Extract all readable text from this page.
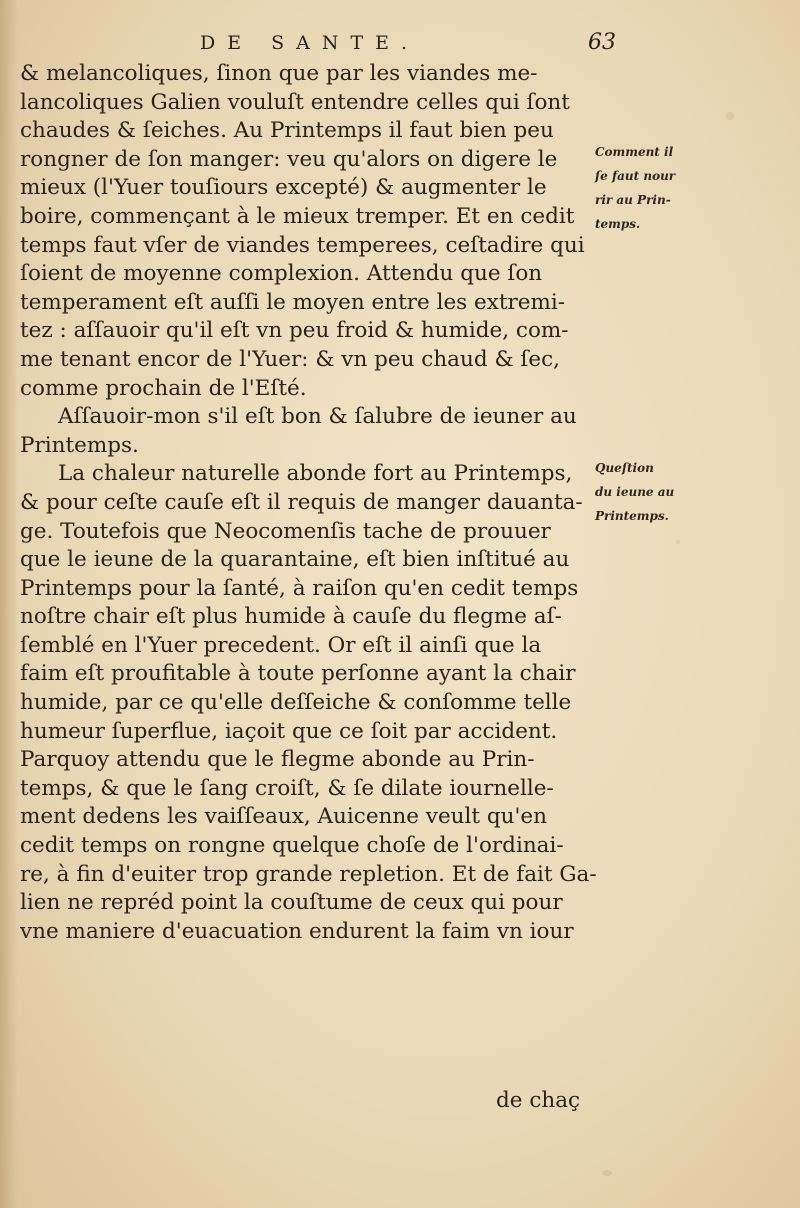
DE SANTE.	63
& melancoliques, ſinon que par les viandes me-
lancoliques Galien vouluſt entendre celles qui ſont
chaudes & ſeiches. Au Printemps il faut bien peu
rongner de ſon manger: veu qu'alors on digere le
mieux (l'Yuer touſiours excepté) & augmenter le
boire, commençant à le mieux tremper. Et en cedit
temps faut vſer de viandes temperees, ceſtadire qui
ſoient de moyenne complexion. Attendu que ſon
temperament eſt auſſi le moyen entre les extremi-
tez : aſſauoir qu'il eſt vn peu froid & humide, com-
me tenant encor de l'Yuer: & vn peu chaud & ſec,
comme prochain de l'Eſté.
Aſſauoir-mon s'il eſt bon & ſalubre de ieuner au
Printemps.
La chaleur naturelle abonde fort au Printemps,
& pour ceſte cauſe eſt il requis de manger dauanta-
ge. Toutefois que Neocomenſis tache de prouuer
que le ieune de la quarantaine, eſt bien inſtitué au
Printemps pour la ſanté, à raiſon qu'en cedit temps
noſtre chair eſt plus humide à cauſe du flegme aſ-
ſemblé en l'Yuer precedent. Or eſt il ainſi que la
faim eſt proufitable à toute perſonne ayant la chair
humide, par ce qu'elle deſſeiche & conſomme telle
humeur ſuperflue, iaçoit que ce ſoit par accident.
Parquoy attendu que le flegme abonde au Prin-
temps, & que le ſang croiſt, & ſe dilate iournelle-
ment dedens les vaiſſeaux, Auicenne veult qu'en
cedit temps on rongne quelque choſe de l'ordinai-
re, à fin d'euiter trop grande repletion. Et de fait Ga-
lien ne repréd point la couſtume de ceux qui pour
vne maniere d'euacuation endurent la faim vn iour
de chaç
Comment il
ſe faut nour
rir au Prin-
temps.
Queſtion
du ieune au
Printemps.
